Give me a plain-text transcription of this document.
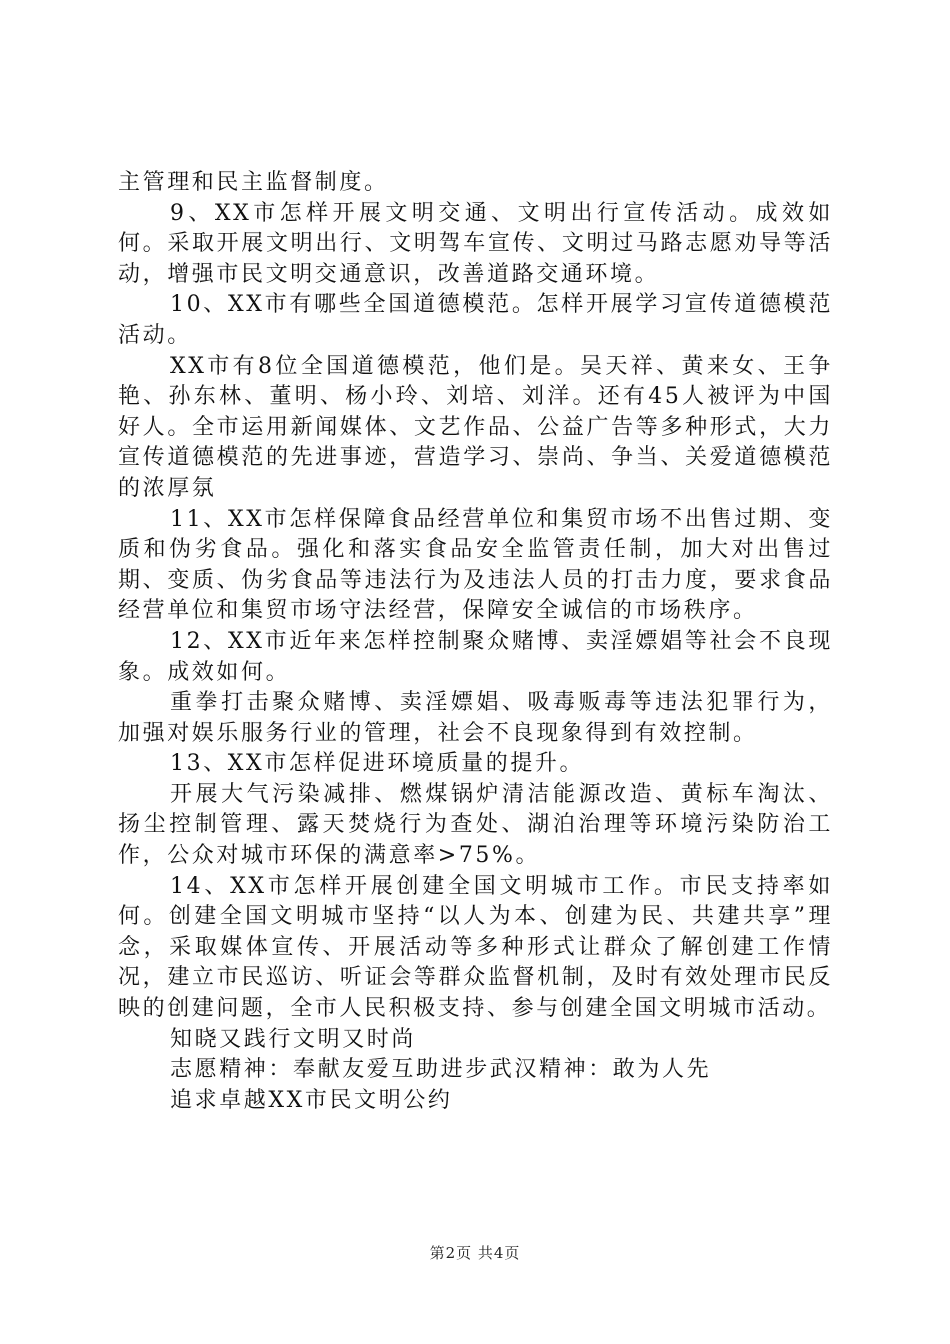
主管理和民主监督制度。

9、XX市怎样开展文明交通、文明出行宣传活动。成效如何。采取开展文明出行、文明驾车宣传、文明过马路志愿劝导等活动，增强市民文明交通意识，改善道路交通环境。

10、XX市有哪些全国道德模范。怎样开展学习宣传道德模范活动。

XX市有8位全国道德模范，他们是。吴天祥、黄来女、王争艳、孙东林、董明、杨小玲、刘培、刘洋。还有45人被评为中国好人。全市运用新闻媒体、文艺作品、公益广告等多种形式，大力宣传道德模范的先进事迹，营造学习、崇尚、争当、关爱道德模范的浓厚氛

11、XX市怎样保障食品经营单位和集贸市场不出售过期、变质和伪劣食品。强化和落实食品安全监管责任制，加大对出售过期、变质、伪劣食品等违法行为及违法人员的打击力度，要求食品经营单位和集贸市场守法经营，保障安全诚信的市场秩序。

12、XX市近年来怎样控制聚众赌博、卖淫嫖娼等社会不良现象。成效如何。

重拳打击聚众赌博、卖淫嫖娼、吸毒贩毒等违法犯罪行为，加强对娱乐服务行业的管理，社会不良现象得到有效控制。

13、XX市怎样促进环境质量的提升。

开展大气污染减排、燃煤锅炉清洁能源改造、黄标车淘汰、扬尘控制管理、露天焚烧行为查处、湖泊治理等环境污染防治工作，公众对城市环保的满意率>75%。

14、XX市怎样开展创建全国文明城市工作。市民支持率如何。创建全国文明城市坚持“以人为本、创建为民、共建共享”理念，采取媒体宣传、开展活动等多种形式让群众了解创建工作情况，建立市民巡访、听证会等群众监督机制，及时有效处理市民反映的创建问题，全市人民积极支持、参与创建全国文明城市活动。

知晓又践行文明又时尚

志愿精神：奉献友爱互助进步武汉精神：敢为人先

追求卓越XX市民文明公约

第2页 共4页
